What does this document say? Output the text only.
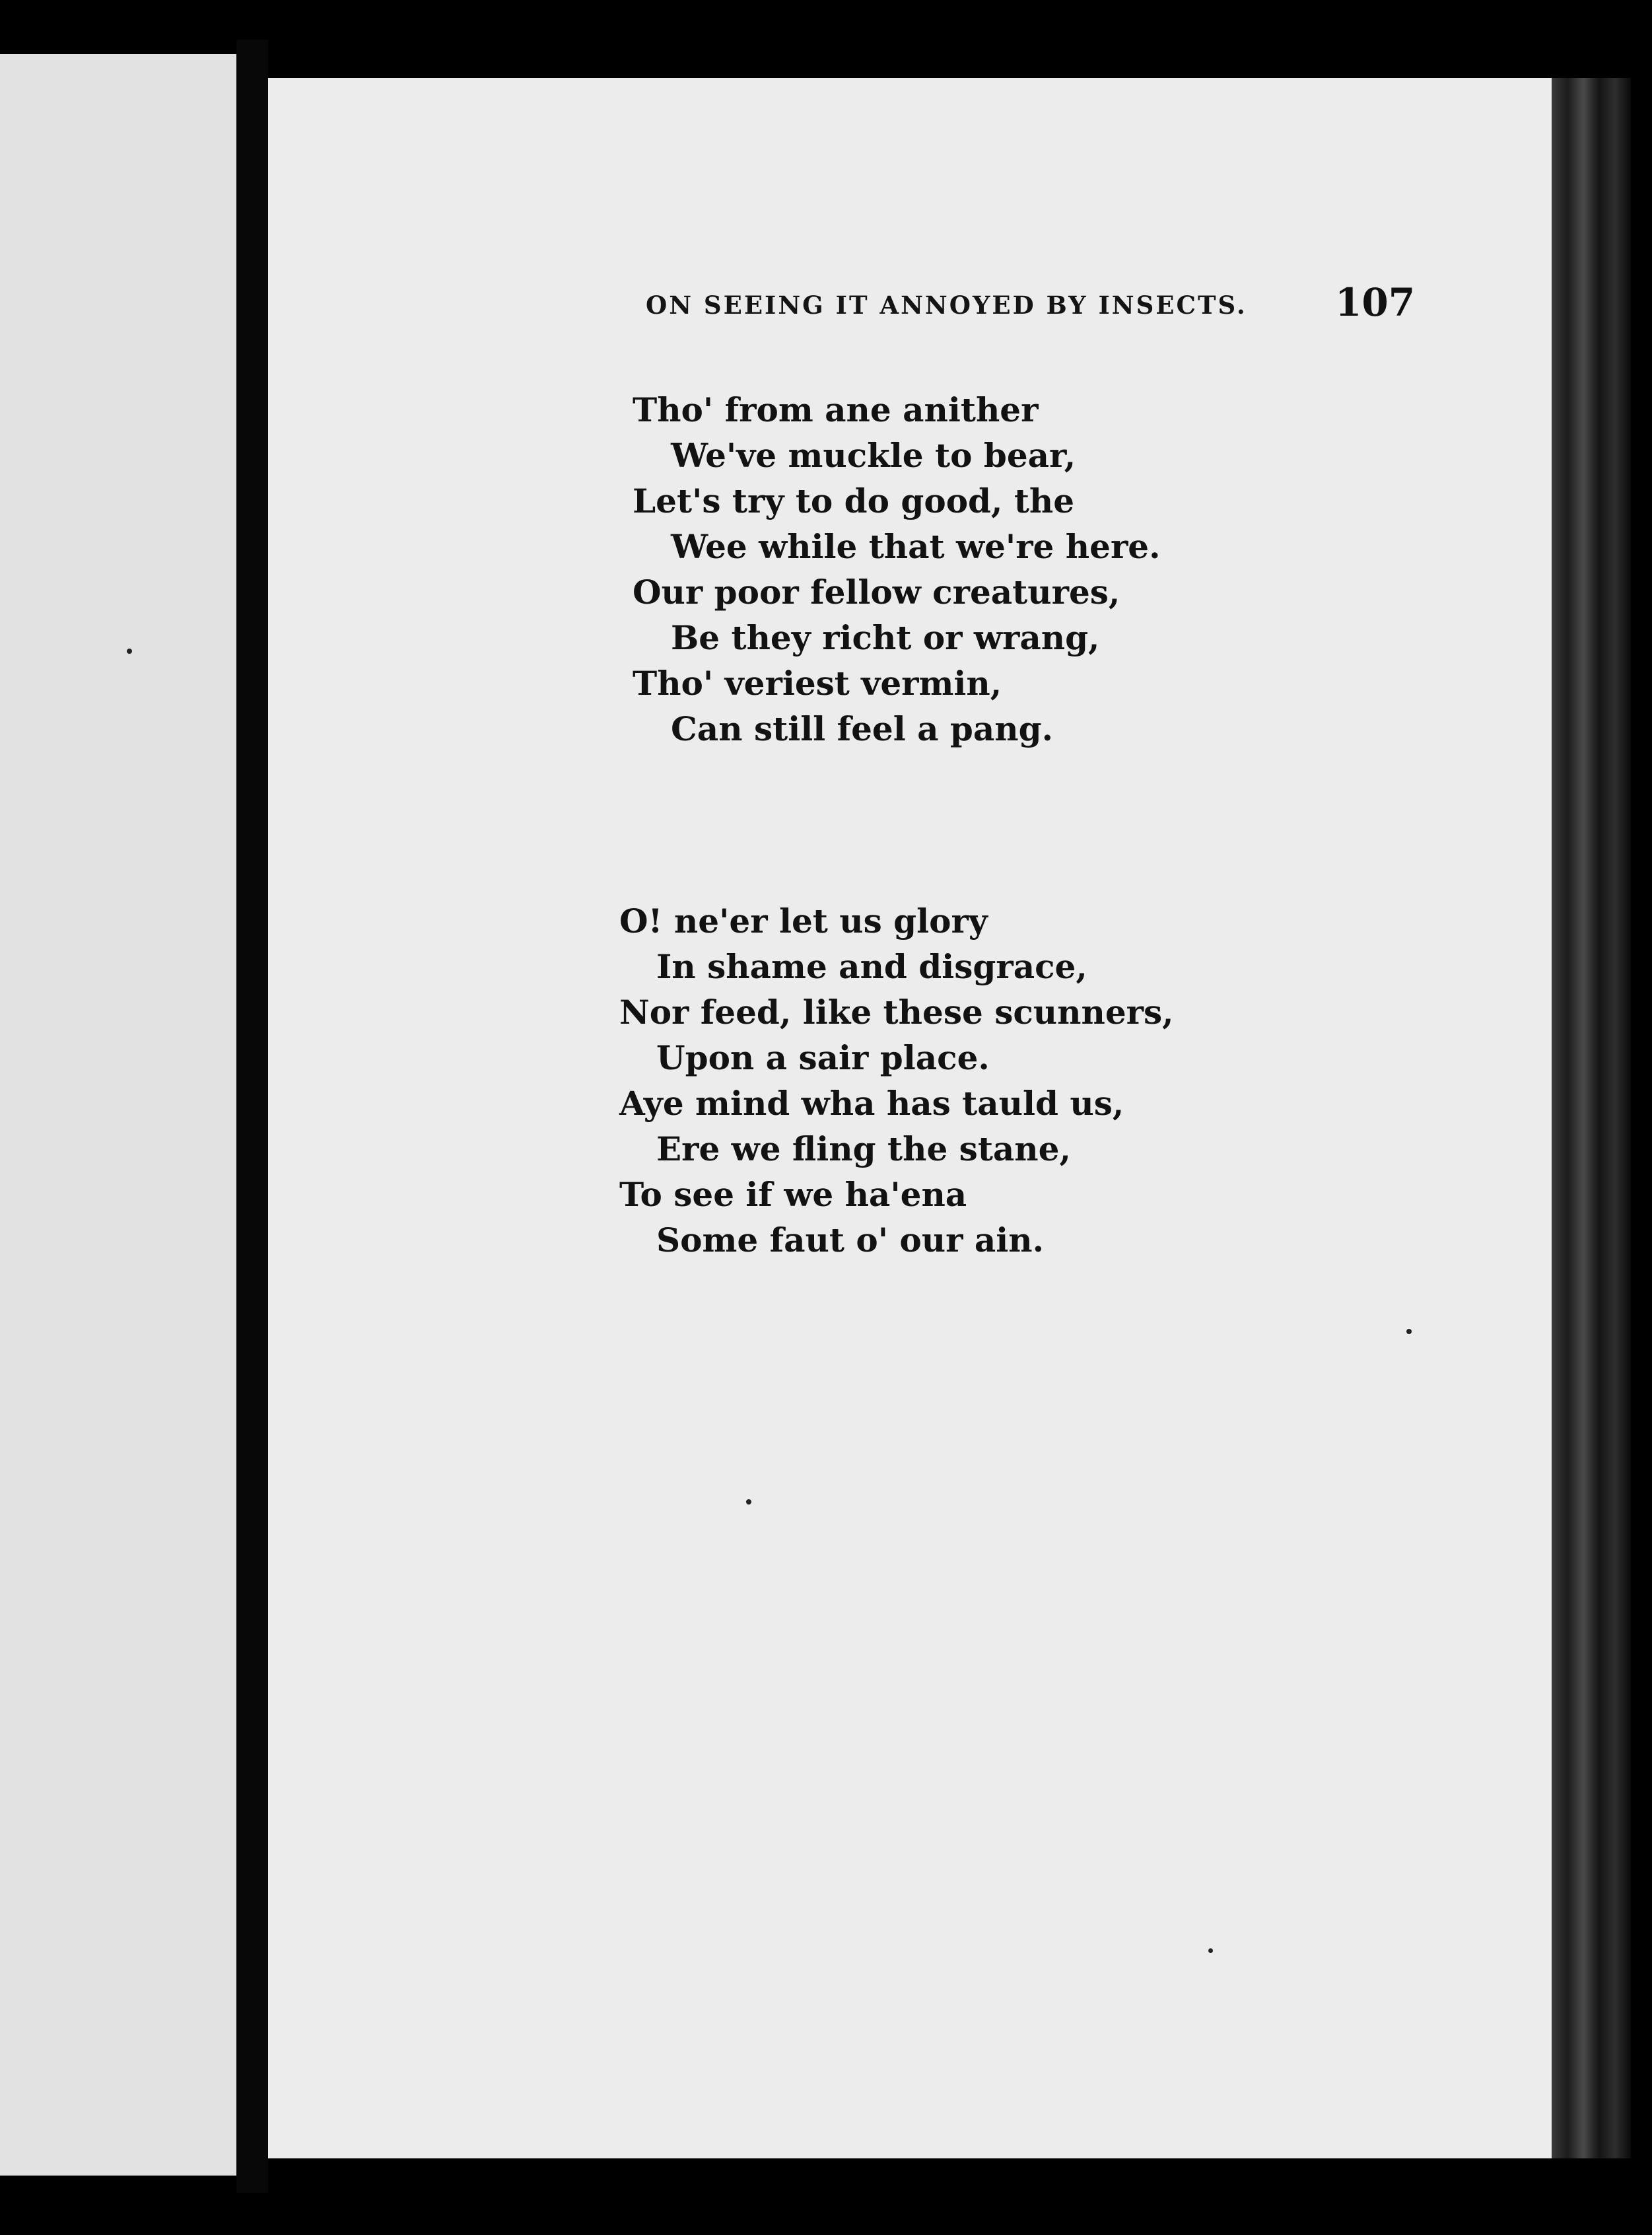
ON SEEING IT ANNOYED BY INSECTS. 107
Tho' from ane anither
We've muckle to bear,
Let's try to do good, the
Wee while that we're here.
Our poor fellow creatures,
Be they richt or wrang,
Tho' veriest vermin,
Can still feel a pang.
O! ne'er let us glory
In shame and disgrace,
Nor feed, like these scunners,
Upon a sair place.
Aye mind wha has tauld us,
Ere we fling the stane,
To see if we ha'ena
Some faut o' our ain.
